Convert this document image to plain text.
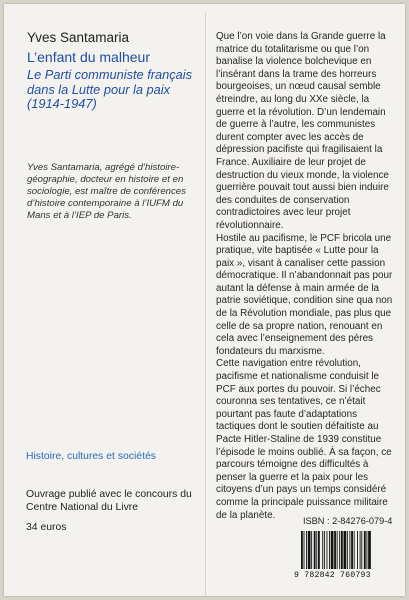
Yves Santamaria
L’enfant du malheur
Le Parti communiste français dans la Lutte pour la paix (1914-1947)
Yves Santamaria, agrégé d’histoire-géographie, docteur en histoire et en sociologie, est maître de conférences d’histoire contemporaine à l’IUFM du Mans et à l’IEP de Paris.
Histoire, cultures et sociétés
Ouvrage publié avec le concours du Centre National du Livre
34 euros

Que l’on voie dans la Grande guerre la matrice du totalitarisme ou que l’on banalise la violence bolchevique en l’insérant dans la trame des horreurs bourgeoises, un nœud causal semble étreindre, au long du XXe siècle, la guerre et la révolution. D’un lendemain de guerre à l’autre, les communistes durent compter avec les accès de dépression pacifiste qui fragilisaient la France. Auxiliaire de leur projet de destruction du vieux monde, la violence guerrière pouvait tout aussi bien induire des conduites de conservation contradictoires avec leur projet révolutionnaire.

Hostile au pacifisme, le PCF bricola une pratique, vite baptisée « Lutte pour la paix », visant à canaliser cette passion démocratique. Il n’abandonnait pas pour autant la défense à main armée de la patrie soviétique, condition sine qua non de la Révolution mondiale, pas plus que celle de sa propre nation, renouant en cela avec l’enseignement des pères fondateurs du marxisme.

Cette navigation entre révolution, pacifisme et nationalisme conduisit le PCF aux portes du pouvoir. Si l’échec couronna ses tentatives, ce n’était pourtant pas faute d’adaptations tactiques dont le soutien défaitiste au Pacte Hitler-Staline de 1939 constitue l’épisode le moins oublié. À sa façon, ce parcours témoigne des difficultés à penser la guerre et la paix pour les citoyens d’un pays un temps considéré comme la principale puissance militaire de la planète.

ISBN : 2-84276-079-4
9 782842 760793
